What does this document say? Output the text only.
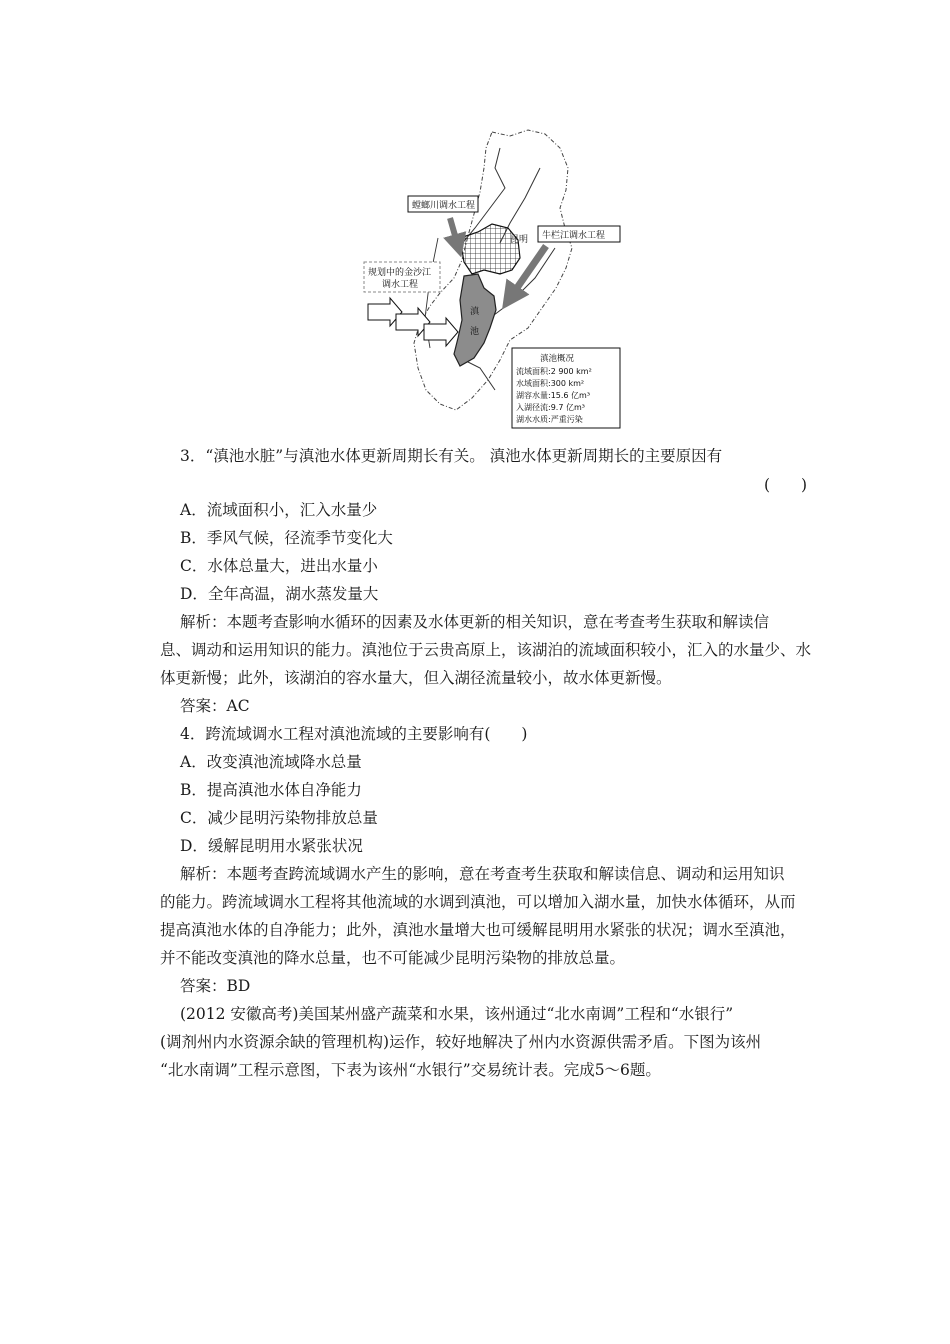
滇
池
昆明
螳螂川调水工程
牛栏江调水工程
规划中的金沙江
调水工程
滇池概况
流域面积:2 900 km²
水域面积:300 km²
湖容水量:15.6 亿m³
入湖径流:9.7 亿m³
湖水水质:严重污染
3．“滇池水脏”与滇池水体更新周期长有关。 滇池水体更新周期长的主要原因有
(　　)
A．流域面积小，汇入水量少
B．季风气候，径流季节变化大
C．水体总量大，进出水量小
D．全年高温，湖水蒸发量大
解析：本题考查影响水循环的因素及水体更新的相关知识，意在考查考生获取和解读信
息、调动和运用知识的能力。滇池位于云贵高原上，该湖泊的流域面积较小，汇入的水量少、水
体更新慢；此外，该湖泊的容水量大，但入湖径流量较小，故水体更新慢。
答案：AC
4．跨流域调水工程对滇池流域的主要影响有(　　)
A．改变滇池流域降水总量
B．提高滇池水体自净能力
C．减少昆明污染物排放总量
D．缓解昆明用水紧张状况
解析：本题考查跨流域调水产生的影响，意在考查考生获取和解读信息、调动和运用知识
的能力。跨流域调水工程将其他流域的水调到滇池，可以增加入湖水量，加快水体循环，从而
提高滇池水体的自净能力；此外，滇池水量增大也可缓解昆明用水紧张的状况；调水至滇池，
并不能改变滇池的降水总量，也不可能减少昆明污染物的排放总量。
答案：BD
(2012 安徽高考)美国某州盛产蔬菜和水果，该州通过“北水南调”工程和“水银行”
(调剂州内水资源余缺的管理机构)运作，较好地解决了州内水资源供需矛盾。下图为该州
“北水南调”工程示意图，下表为该州“水银行”交易统计表。完成5～6题。
